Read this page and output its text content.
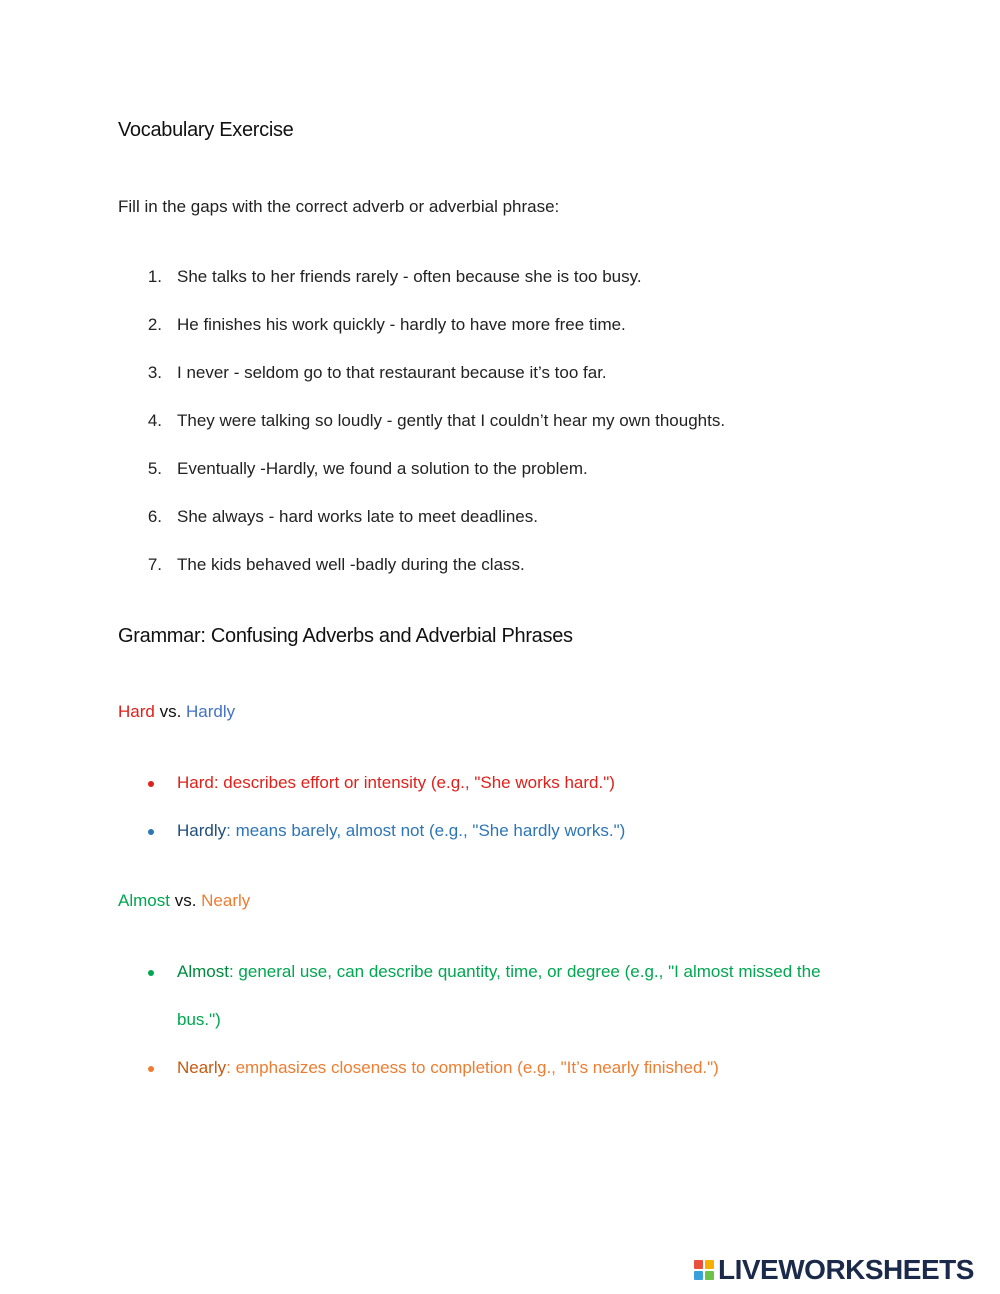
Vocabulary Exercise
Fill in the gaps with the correct adverb or adverbial phrase:
1. She talks to her friends rarely - often because she is too busy.
2. He finishes his work quickly - hardly to have more free time.
3. I never - seldom go to that restaurant because it’s too far.
4. They were talking so loudly - gently that I couldn’t hear my own thoughts.
5. Eventually -Hardly, we found a solution to the problem.
6. She always - hard works late to meet deadlines.
7. The kids behaved well -badly during the class.
Grammar: Confusing Adverbs and Adverbial Phrases
Hard vs. Hardly
Hard: describes effort or intensity (e.g., "She works hard.")
Hardly: means barely, almost not (e.g., "She hardly works.")
Almost vs. Nearly
Almost: general use, can describe quantity, time, or degree (e.g., "I almost missed the
bus.")
Nearly: emphasizes closeness to completion (e.g., "It’s nearly finished.")
LIVEWORKSHEETS
